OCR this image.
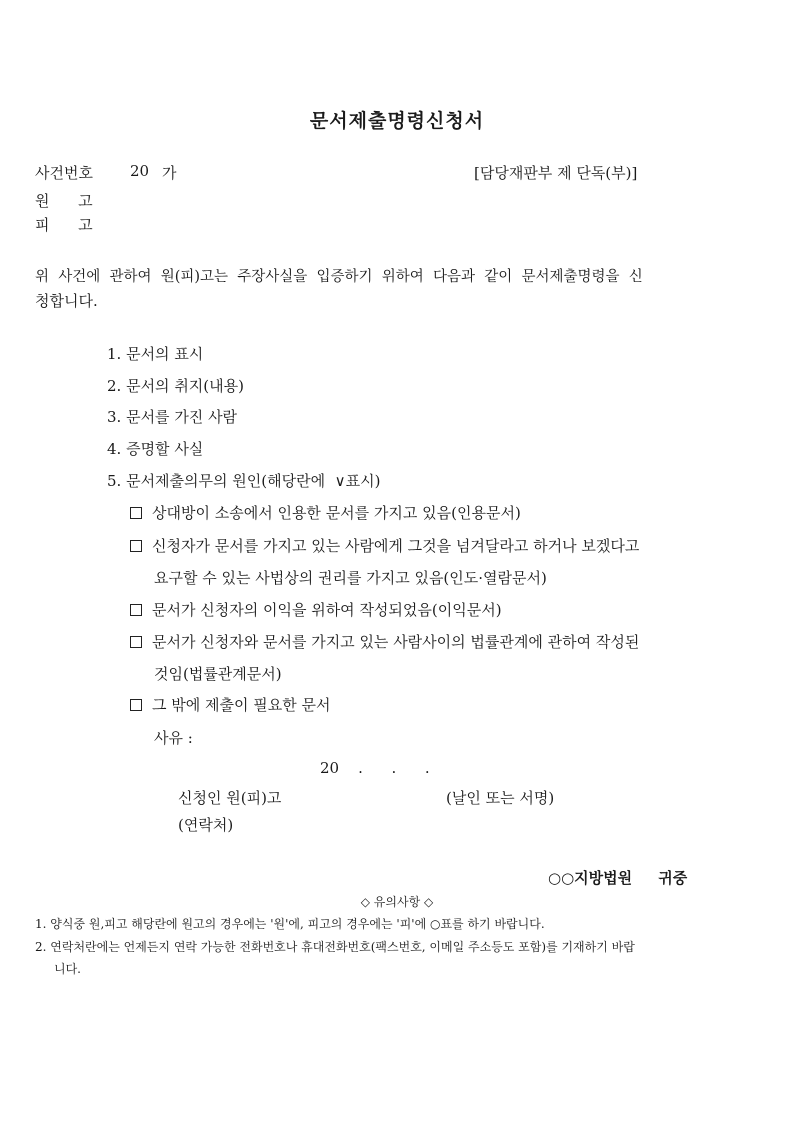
문서제출명령신청서
사건번호 20 가	[담당재판부 제 단독(부)]
원      고
피      고
위  사건에  관하여  원(피)고는  주장사실을  입증하기  위하여  다음과  같이  문서제출명령을  신
청합니다.
1. 문서의 표시
2. 문서의 취지(내용)
3. 문서를 가진 사람
4. 증명할 사실
5. 문서제출의무의 원인(해당란에  ∨표시)
상대방이 소송에서 인용한 문서를 가지고 있음(인용문서)
신청자가 문서를 가지고 있는 사람에게 그것을 넘겨달라고 하거나 보겠다고
요구할 수 있는 사법상의 권리를 가지고 있음(인도·열람문서)
문서가 신청자의 이익을 위하여 작성되었음(이익문서)
문서가 신청자와 문서를 가지고 있는 사람사이의 법률관계에 관하여 작성된
것임(법률관계문서)
그 밖에 제출이 필요한 문서
사유 :
20    .      .      .
신청인 원(피)고	(날인 또는 서명)
(연락처)
○○지방법원     귀중
◇ 유의사항 ◇
1. 양식중 원,피고 해당란에 원고의 경우에는 '원'에, 피고의 경우에는 '피'에 ○표를 하기 바랍니다.
2. 연락처란에는 언제든지 연락 가능한 전화번호나 휴대전화번호(팩스번호, 이메일 주소등도 포함)를 기재하기 바랍
니다.
